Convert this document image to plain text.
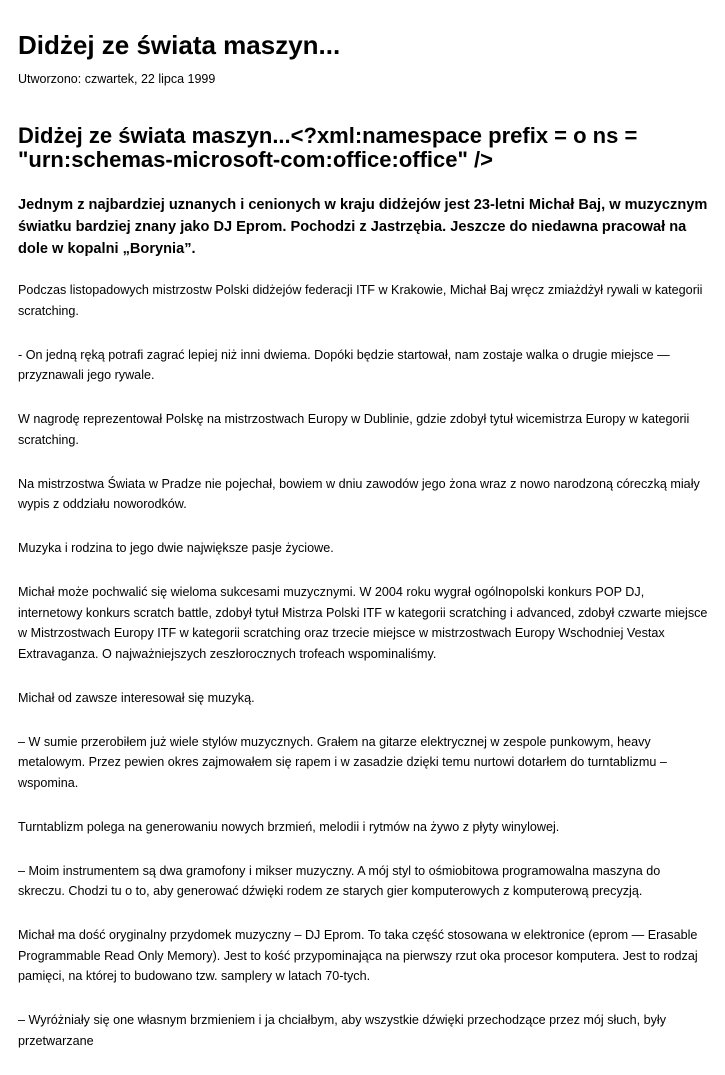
Didżej ze świata maszyn...

Utworzono: czwartek, 22 lipca 1999

Didżej ze świata maszyn...<?xml:namespace prefix = o ns = "urn:schemas-microsoft-com:office:office" />

Jednym z najbardziej uznanych i cenionych w kraju didżejów jest 23-letni Michał Baj, w muzycznym światku bardziej znany jako DJ Eprom. Pochodzi z Jastrzębia. Jeszcze do niedawna pracował na dole w kopalni „Borynia”.

Podczas listopadowych mistrzostw Polski didżejów federacji ITF w Krakowie, Michał Baj wręcz zmiażdżył rywali w kategorii scratching.

- On jedną ręką potrafi zagrać lepiej niż inni dwiema. Dopóki będzie startował, nam zostaje walka o drugie miejsce — przyznawali jego rywale.

W nagrodę reprezentował Polskę na mistrzostwach Europy w Dublinie, gdzie zdobył tytuł wicemistrza Europy w kategorii scratching.

Na mistrzostwa Świata w Pradze nie pojechał, bowiem w dniu zawodów jego żona wraz z nowo narodzoną córeczką miały wypis z oddziału noworodków.

Muzyka i rodzina to jego dwie największe pasje życiowe.

Michał może pochwalić się wieloma sukcesami muzycznymi. W 2004 roku wygrał ogólnopolski konkurs POP DJ, internetowy konkurs scratch battle, zdobył tytuł Mistrza Polski ITF w kategorii scratching i advanced, zdobył czwarte miejsce w Mistrzostwach Europy ITF w kategorii scratching oraz trzecie miejsce w mistrzostwach Europy Wschodniej Vestax Extravaganza. O najważniejszych zeszłorocznych trofeach wspominaliśmy.

Michał od zawsze interesował się muzyką.

– W sumie przerobiłem już wiele stylów muzycznych. Grałem na gitarze elektrycznej w zespole punkowym, heavy metalowym. Przez pewien okres zajmowałem się rapem i w zasadzie dzięki temu nurtowi dotarłem do turntablizmu – wspomina.

Turntablizm polega na generowaniu nowych brzmień, melodii i rytmów na żywo z płyty winylowej.

– Moim instrumentem są dwa gramofony i mikser muzyczny. A mój styl to ośmiobitowa programowalna maszyna do skreczu. Chodzi tu o to, aby generować dźwięki rodem ze starych gier komputerowych z komputerową precyzją.

Michał ma dość oryginalny przydomek muzyczny – DJ Eprom. To taka część stosowana w elektronice (eprom — Erasable Programmable Read Only Memory). Jest to kość przypominająca na pierwszy rzut oka procesor komputera. Jest to rodzaj pamięci, na której to budowano tzw. samplery w latach 70-tych.

– Wyróżniały się one własnym brzmieniem i ja chciałbym, aby wszystkie dźwięki przechodzące przez mój słuch, były przetwarzane
